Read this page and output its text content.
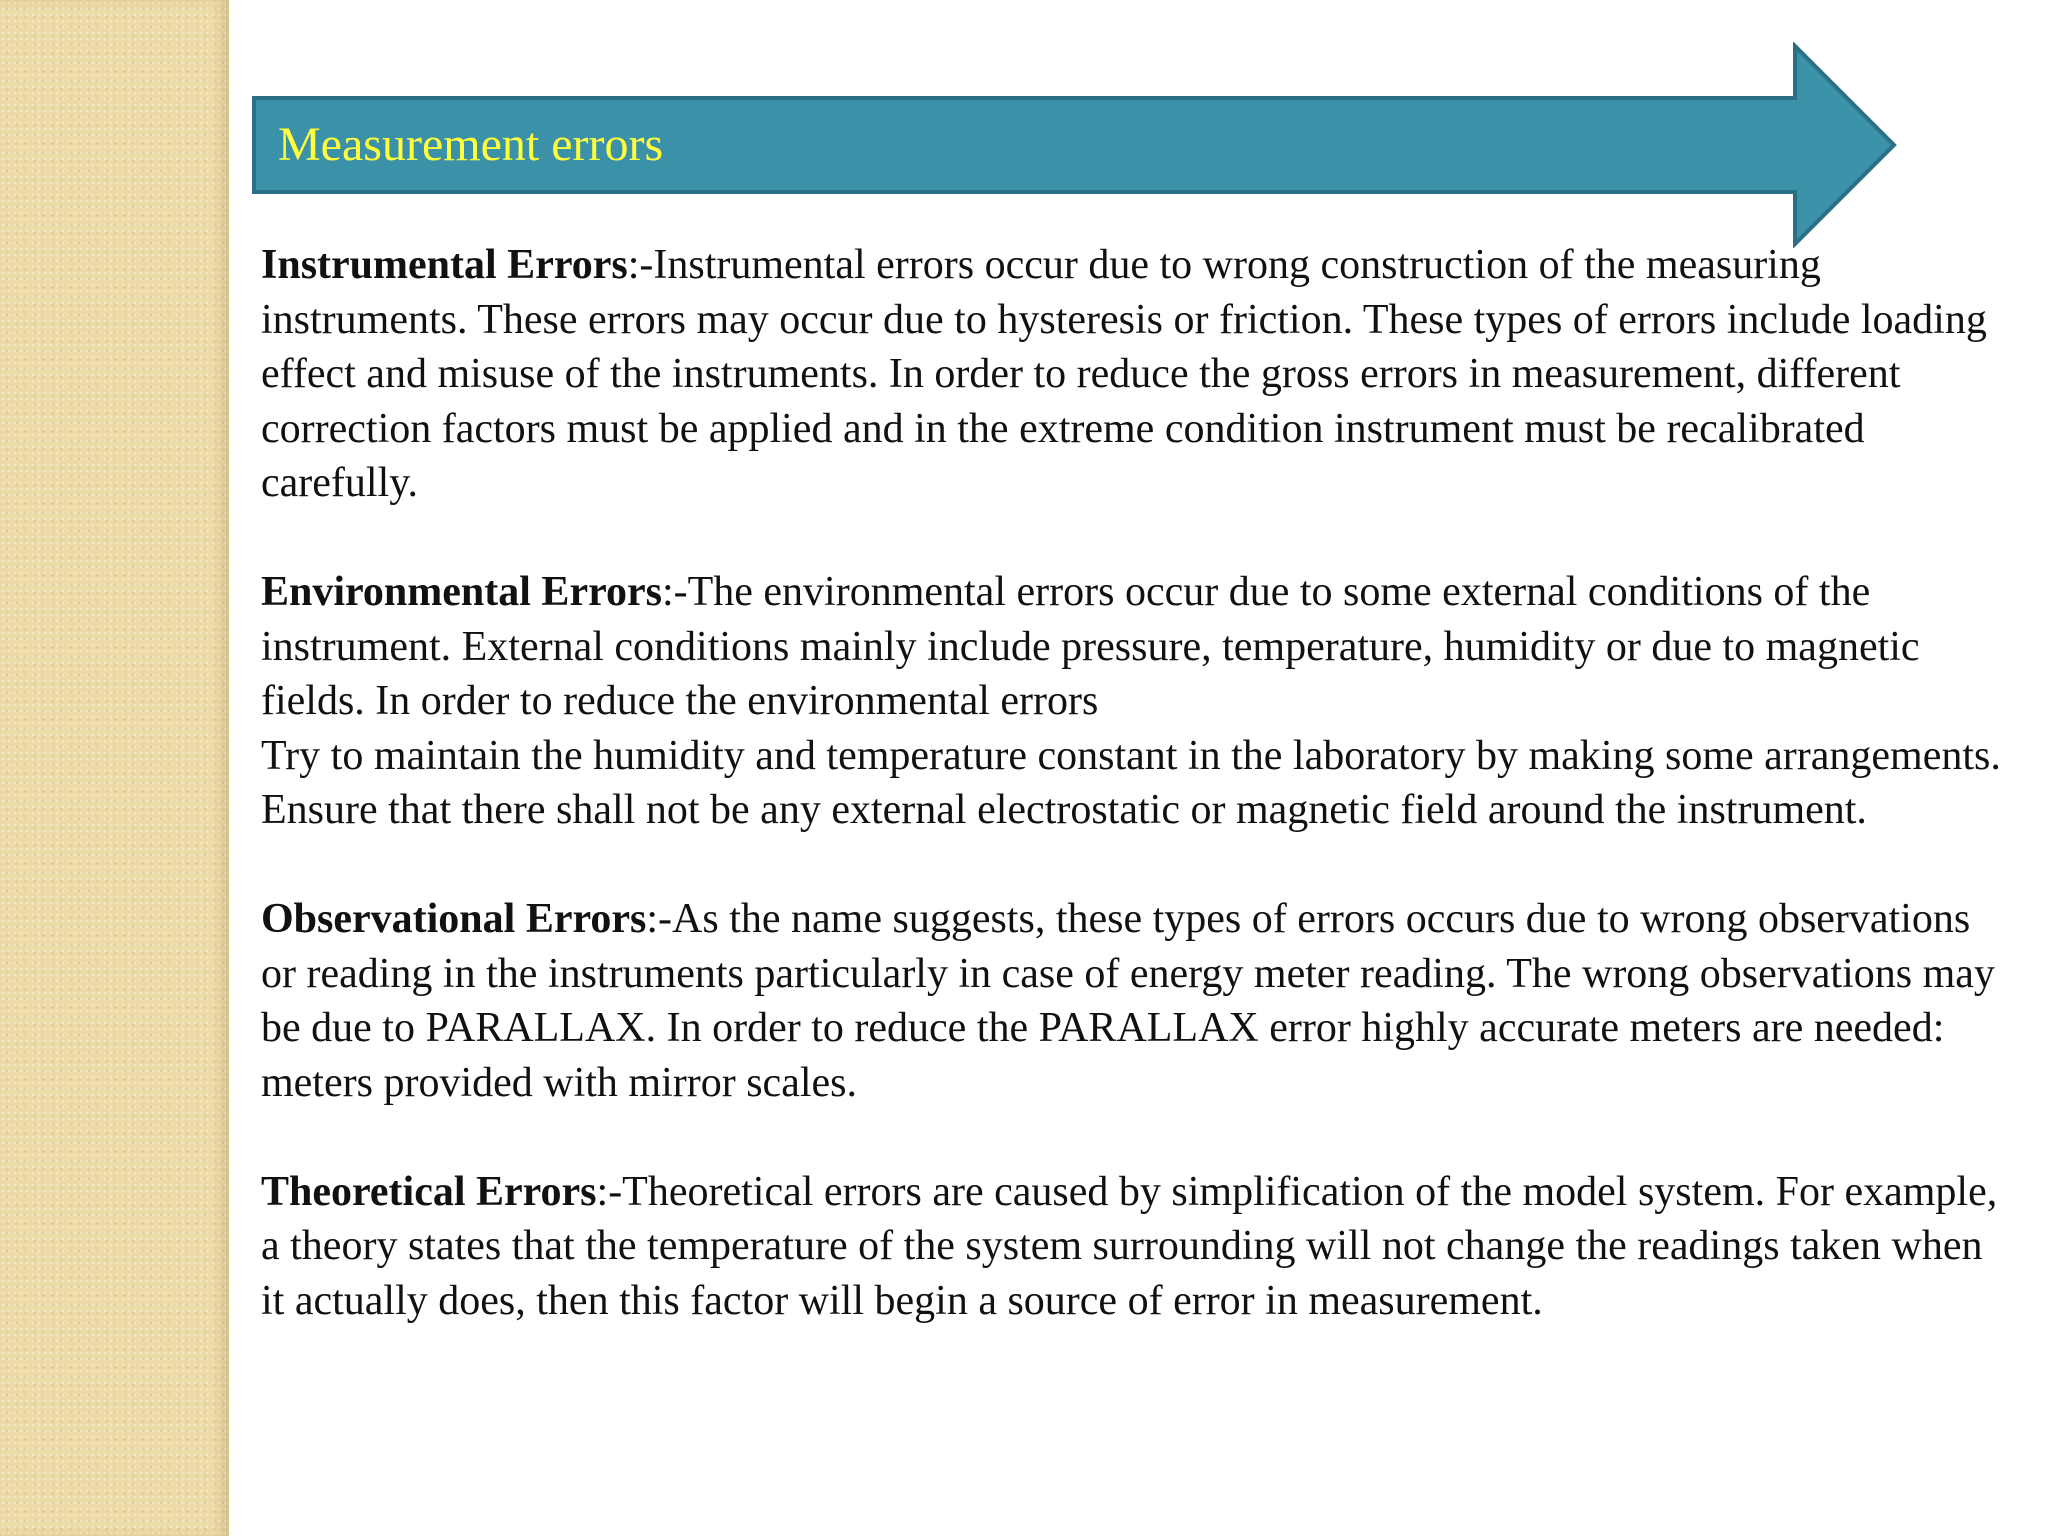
Measurement errors

Instrumental Errors:-Instrumental errors occur due to wrong construction of the measuring instruments. These errors may occur due to hysteresis or friction. These types of errors include loading effect and misuse of the instruments. In order to reduce the gross errors in measurement, different correction factors must be applied and in the extreme condition instrument must be recalibrated carefully.

Environmental Errors:-The environmental errors occur due to some external conditions of the instrument. External conditions mainly include pressure, temperature, humidity or due to magnetic fields. In order to reduce the environmental errors
Try to maintain the humidity and temperature constant in the laboratory by making some arrangements.
Ensure that there shall not be any external electrostatic or magnetic field around the instrument.

Observational Errors:-As the name suggests, these types of errors occurs due to wrong observations or reading in the instruments particularly in case of energy meter reading. The wrong observations may be due to PARALLAX. In order to reduce the PARALLAX error highly accurate meters are needed: meters provided with mirror scales.

Theoretical Errors:-Theoretical errors are caused by simplification of the model system. For example, a theory states that the temperature of the system surrounding will not change the readings taken when it actually does, then this factor will begin a source of error in measurement.
